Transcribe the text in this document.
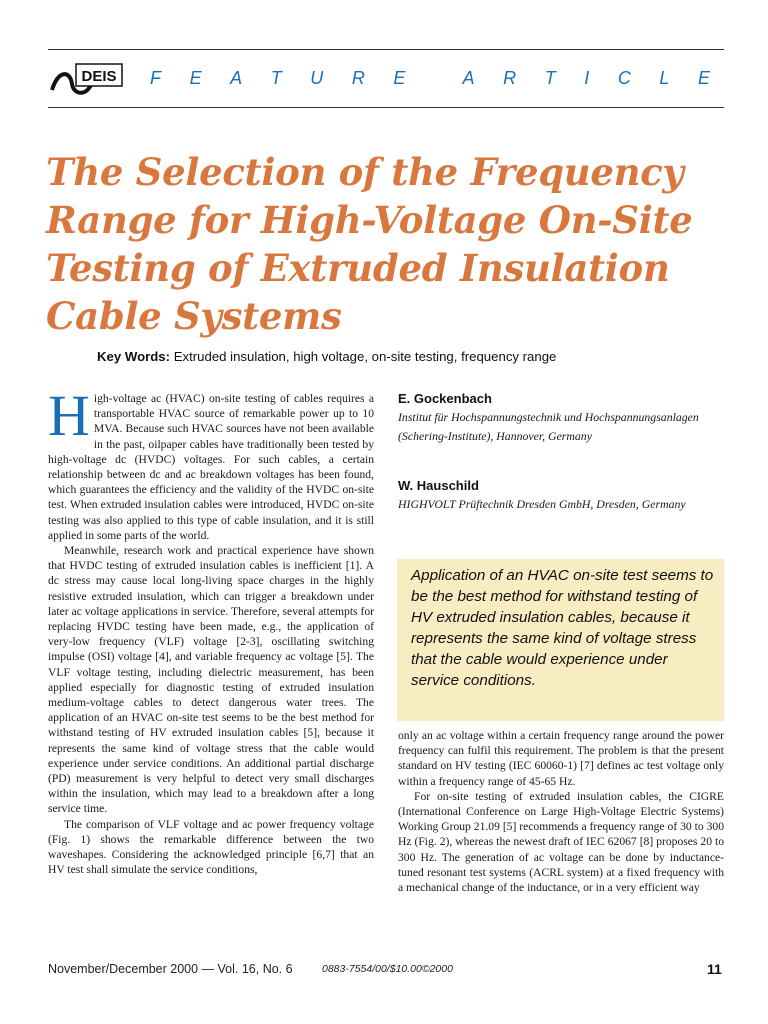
DEIS F E A T U R E	A R T I C L E
The Selection of the Frequency Range for High-Voltage On-Site Testing of Extruded Insulation Cable Systems
Key Words: Extruded insulation, high voltage, on-site testing, frequency range

High-voltage ac (HVAC) on-site testing of cables requires a transportable HVAC source of remarkable power up to 10 MVA. Because such HVAC sources have not been available in the past, oilpaper cables have traditionally been tested by high-voltage dc (HVDC) voltages. For such cables, a certain relationship between dc and ac breakdown voltages has been found, which guarantees the efficiency and the validity of the HVDC on-site test. When extruded insulation cables were introduced, HVDC on-site testing was also applied to this type of cable insulation, and it is still applied in some parts of the world.

Meanwhile, research work and practical experience have shown that HVDC testing of extruded insulation cables is inefficient [1]. A dc stress may cause local long-living space charges in the highly resistive extruded insulation, which can trigger a breakdown under later ac voltage applications in service. Therefore, several attempts for replacing HVDC testing have been made, e.g., the application of very-low frequency (VLF) voltage [2-3], oscillating switching impulse (OSI) voltage [4], and variable frequency ac voltage [5]. The VLF voltage testing, including dielectric measurement, has been applied especially for diagnostic testing of extruded insulation medium-voltage cables to detect dangerous water trees. The application of an HVAC on-site test seems to be the best method for withstand testing of HV extruded insulation cables [5], because it represents the same kind of voltage stress that the cable would experience under service conditions. An additional partial discharge (PD) measurement is very helpful to detect very small discharges within the insulation, which may lead to a breakdown after a long service time.

The comparison of VLF voltage and ac power frequency voltage (Fig. 1) shows the remarkable difference between the two waveshapes. Considering the acknowledged principle [6,7] that an HV test shall simulate the service conditions,

E. Gockenbach
Institut für Hochspannungstechnik und Hochspannungsanlagen (Schering-Institute), Hannover, Germany
W. Hauschild
HIGHVOLT Prüftechnik Dresden GmbH, Dresden, Germany
Application of an HVAC on-site test seems to be the best method for withstand testing of HV extruded insulation cables, because it represents the same kind of voltage stress that the cable would experience under service conditions.

only an ac voltage within a certain frequency range around the power frequency can fulfil this requirement. The problem is that the present standard on HV testing (IEC 60060-1) [7] defines ac test voltage only within a frequency range of 45-65 Hz.

For on-site testing of extruded insulation cables, the CIGRE (International Conference on Large High-Voltage Electric Systems) Working Group 21.09 [5] recommends a frequency range of 30 to 300 Hz (Fig. 2), whereas the newest draft of IEC 62067 [8] proposes 20 to 300 Hz. The generation of ac voltage can be done by inductance-tuned resonant test systems (ACRL system) at a fixed frequency with a mechanical change of the inductance, or in a very efficient way

November/December 2000 — Vol. 16, No. 6	0883-7554/00/$10.00©2000	11
